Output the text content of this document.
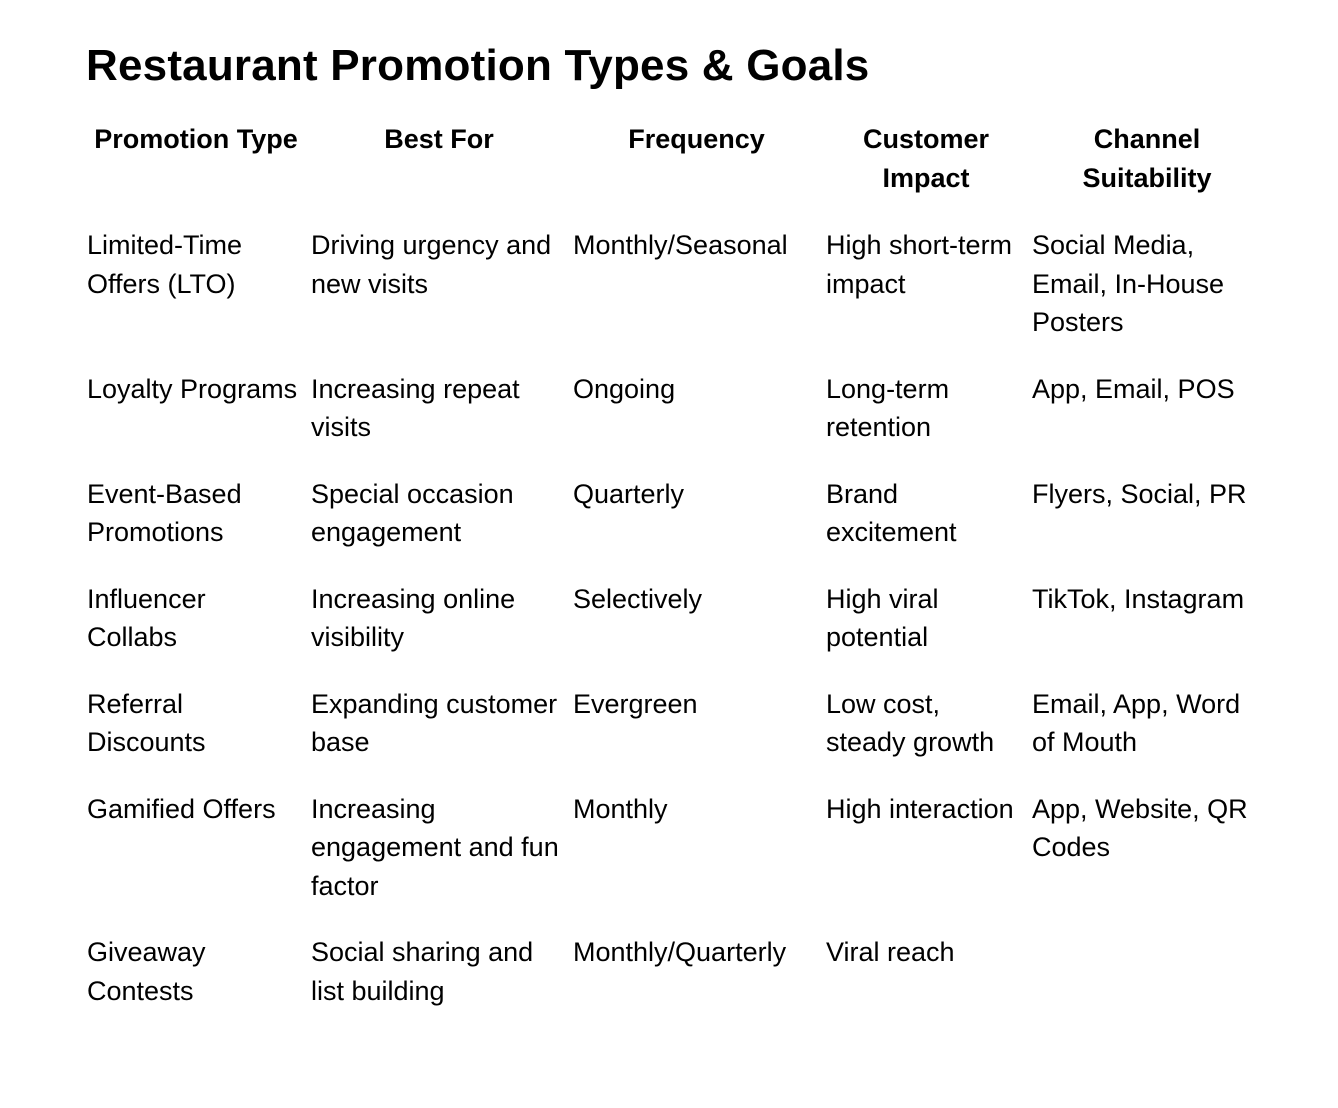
Restaurant Promotion Types & Goals
Promotion Type	Best For	Frequency	Customer Impact	Channel Suitability

Limited-Time Offers (LTO)	Driving urgency and new visits	Monthly/Seasonal	High short-term impact	Social Media, Email, In-House Posters

Loyalty Programs	Increasing repeat visits	Ongoing	Long-term retention	App, Email, POS

Event-Based Promotions	Special occasion engagement	Quarterly	Brand excitement	Flyers, Social, PR

Influencer Collabs	Increasing online visibility	Selectively	High viral potential	TikTok, Instagram

Referral Discounts	Expanding customer base	Evergreen	Low cost, steady growth	Email, App, Word of Mouth

Gamified Offers	Increasing engagement and fun factor	Monthly	High interaction	App, Website, QR Codes

Giveaway Contests	Social sharing and list building	Monthly/Quarterly	Viral reach	
